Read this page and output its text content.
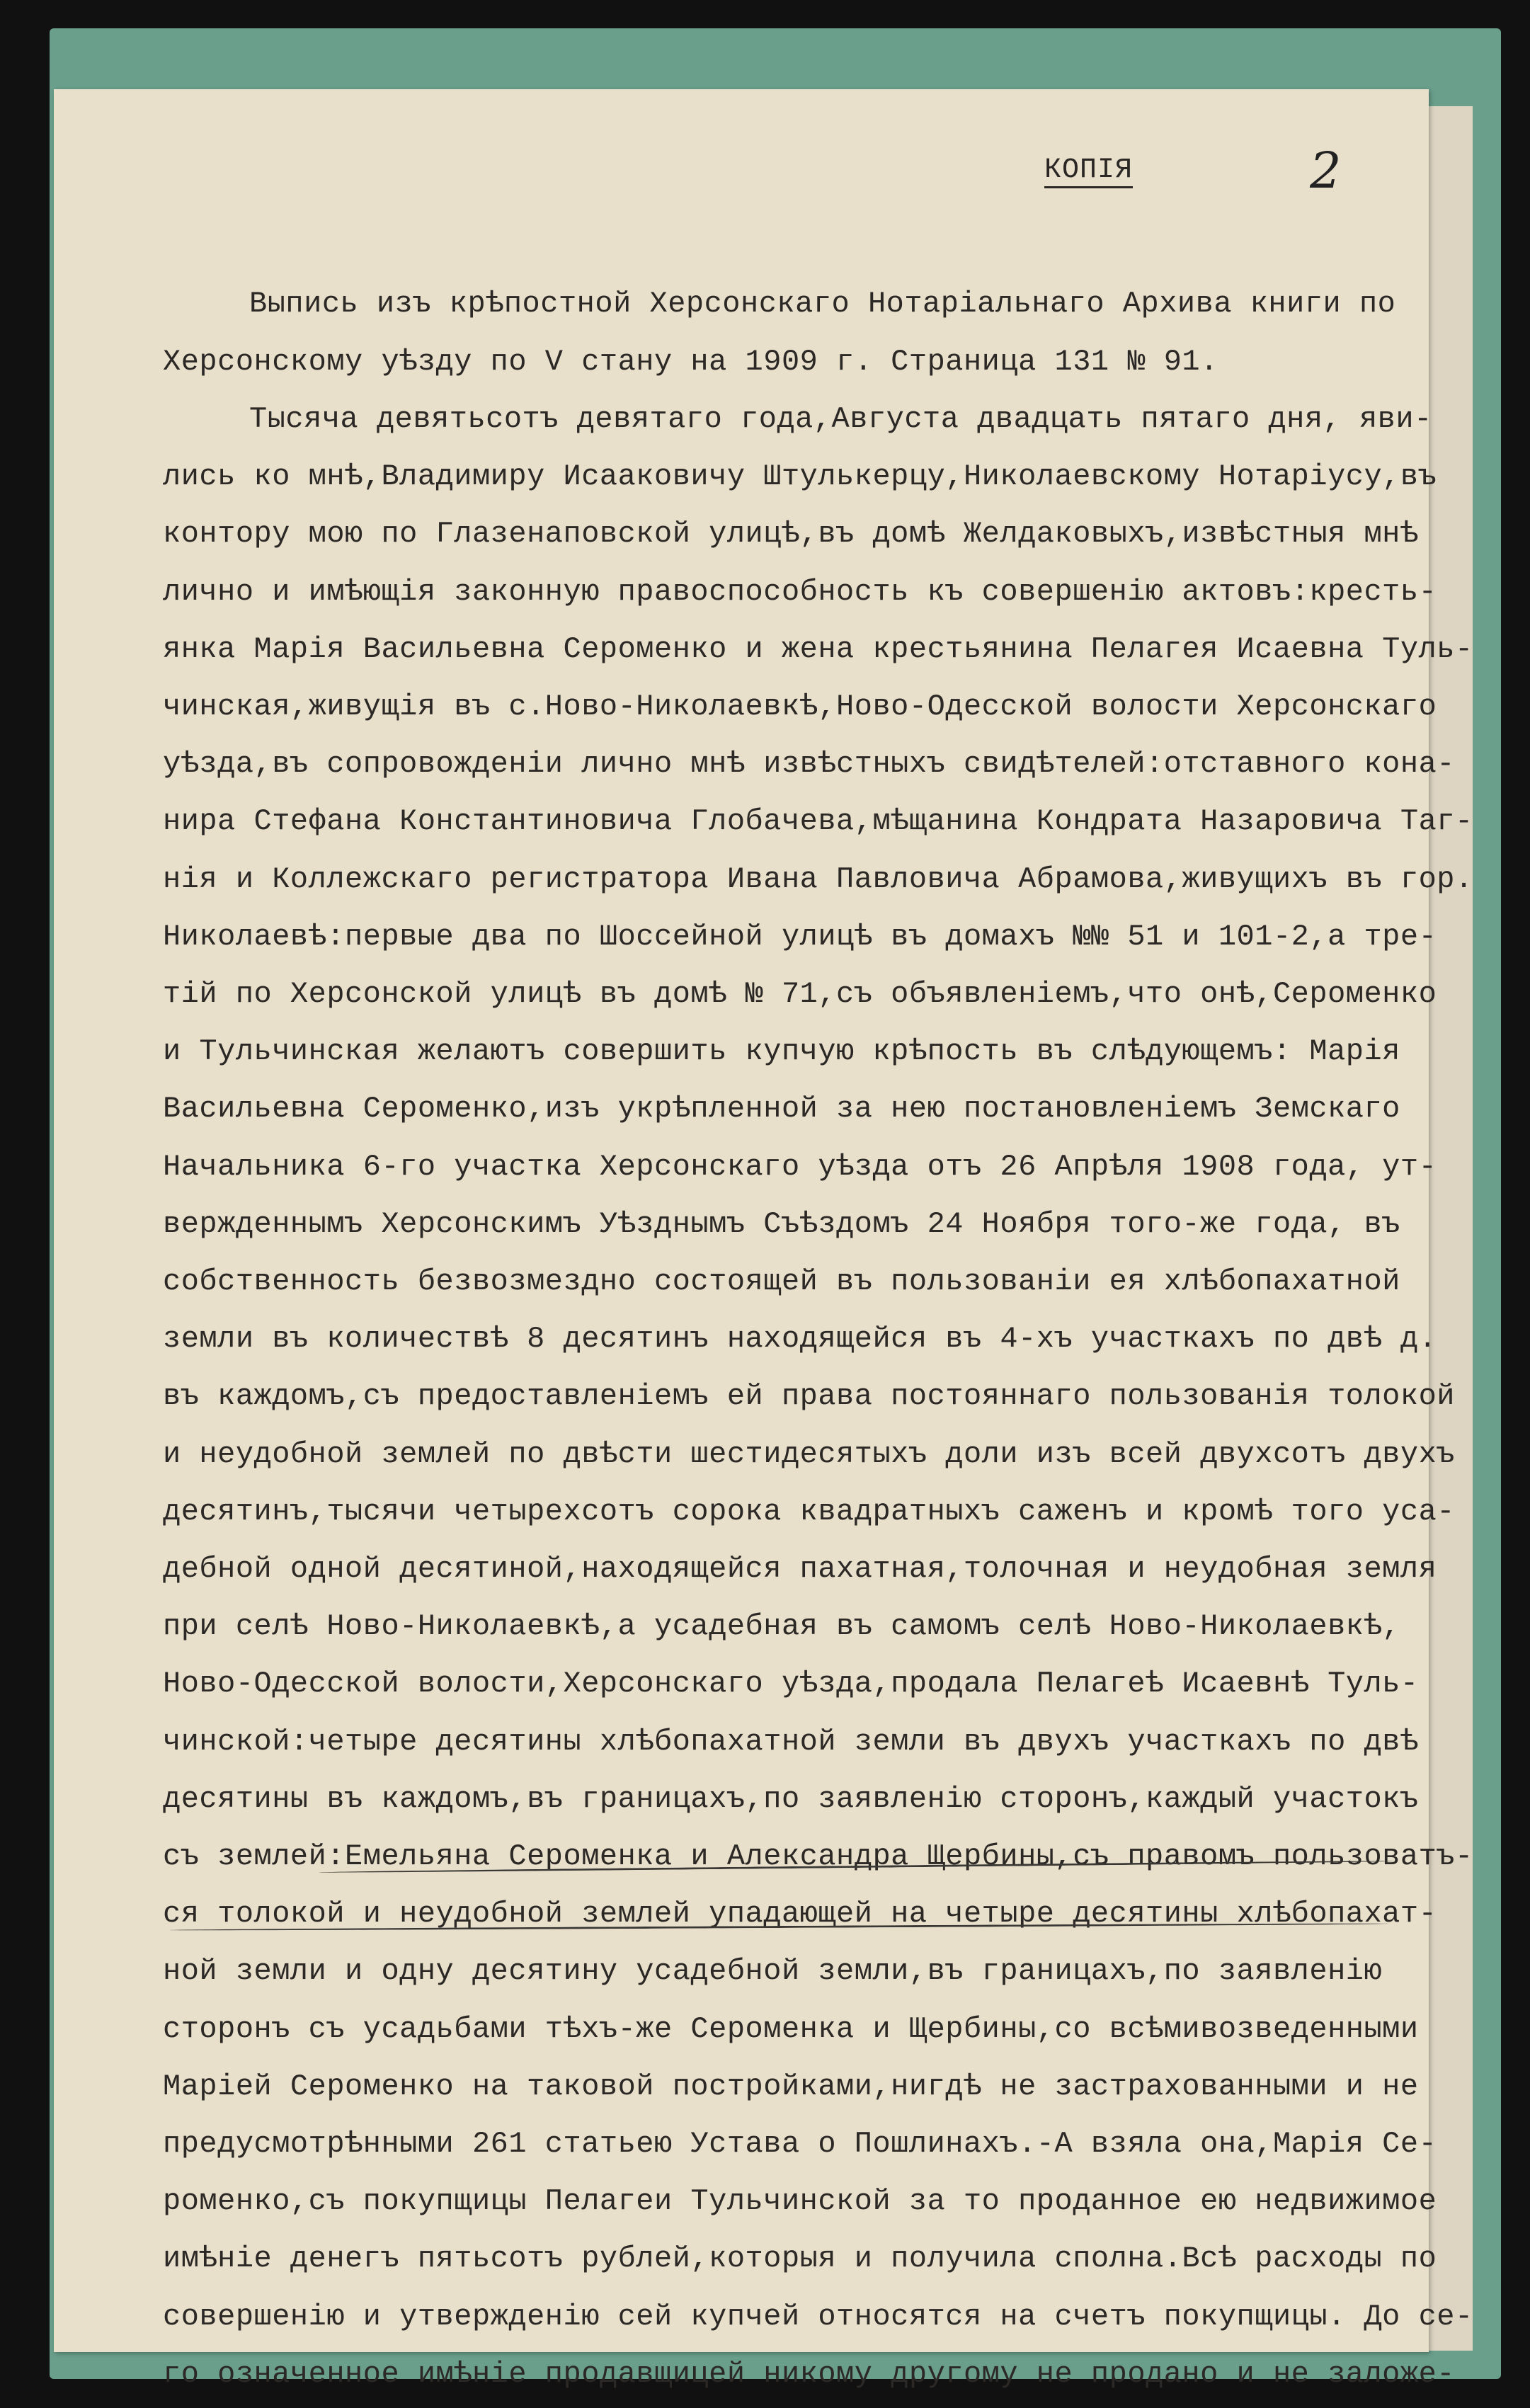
КОПІЯ	2
Выпись изъ крѣпостной Херсонскаго Нотаріальнаго Архива книги по
Херсонскому уѣзду по V стану на 1909 г. Страница 131 № 91.
Тысяча девятьсотъ девятаго года,Августа двадцать пятаго дня, яви-
лись ко мнѣ,Владимиру Исааковичу Штулькерцу,Николаевскому Нотаріусу,въ
контору мою по Глазенаповской улицѣ,въ домѣ Желдаковыхъ,извѣстныя мнѣ
лично и имѣющія законную правоспособность къ совершенію актовъ:кресть-
янка Марія Васильевна Сероменко и жена крестьянина Пелагея Исаевна Туль-
чинская,живущія въ с.Ново-Николаевкѣ,Ново-Одесской волости Херсонскаго
уѣзда,въ сопровожденіи лично мнѣ извѣстныхъ свидѣтелей:отставного кона-
нира Стефана Константиновича Глобачева,мѣщанина Кондрата Назаровича Таг-
нія и Коллежскаго регистратора Ивана Павловича Абрамова,живущихъ въ гор.
Николаевѣ:первые два по Шоссейной улицѣ въ домахъ №№ 51 и 101-2,а тре-
тій по Херсонской улицѣ въ домѣ № 71,съ объявленіемъ,что онѣ,Сероменко
и Тульчинская желаютъ совершить купчую крѣпость въ слѣдующемъ: Марія
Васильевна Сероменко,изъ укрѣпленной за нею постановленіемъ Земскаго
Начальника 6-го участка Херсонскаго уѣзда отъ 26 Апрѣля 1908 года, ут-
вержденнымъ Херсонскимъ Уѣзднымъ Съѣздомъ 24 Ноября того-же года, въ
собственность безвозмездно состоящей въ пользованіи ея хлѣбопахатной
земли въ количествѣ 8 десятинъ находящейся въ 4-хъ участкахъ по двѣ д.
въ каждомъ,съ предоставленіемъ ей права постояннаго пользованія толокой
и неудобной землей по двѣсти шестидесятыхъ доли изъ всей двухсотъ двухъ
десятинъ,тысячи четырехсотъ сорока квадратныхъ саженъ и кромѣ того уса-
дебной одной десятиной,находящейся пахатная,толочная и неудобная земля
при селѣ Ново-Николаевкѣ,а усадебная въ самомъ селѣ Ново-Николаевкѣ,
Ново-Одесской волости,Херсонскаго уѣзда,продала Пелагеѣ Исаевнѣ Туль-
чинской:четыре десятины хлѣбопахатной земли въ двухъ участкахъ по двѣ
десятины въ каждомъ,въ границахъ,по заявленію сторонъ,каждый участокъ
съ землей:Емельяна Сероменка и Александра Щербины,съ правомъ пользоватъ-
ся толокой и неудобной землей упадающей на четыре десятины хлѣбопахат-
ной земли и одну десятину усадебной земли,въ границахъ,по заявленію
сторонъ съ усадьбами тѣхъ-же Сероменка и Щербины,со всѣмивозведенными
Маріей Сероменко на таковой постройками,нигдѣ не застрахованными и не
предусмотрѣнными 261 статьею Устава о Пошлинахъ.-А взяла она,Марія Се-
роменко,съ покупщицы Пелагеи Тульчинской за то проданное ею недвижимое
имѣніе денегъ пятьсотъ рублей,которыя и получила сполна.Всѣ расходы по
совершенію и утвержденію сей купчей относятся на счетъ покупщицы. До се-
го означенное имѣніе продавщицей никому другому не продано и не заложе-
